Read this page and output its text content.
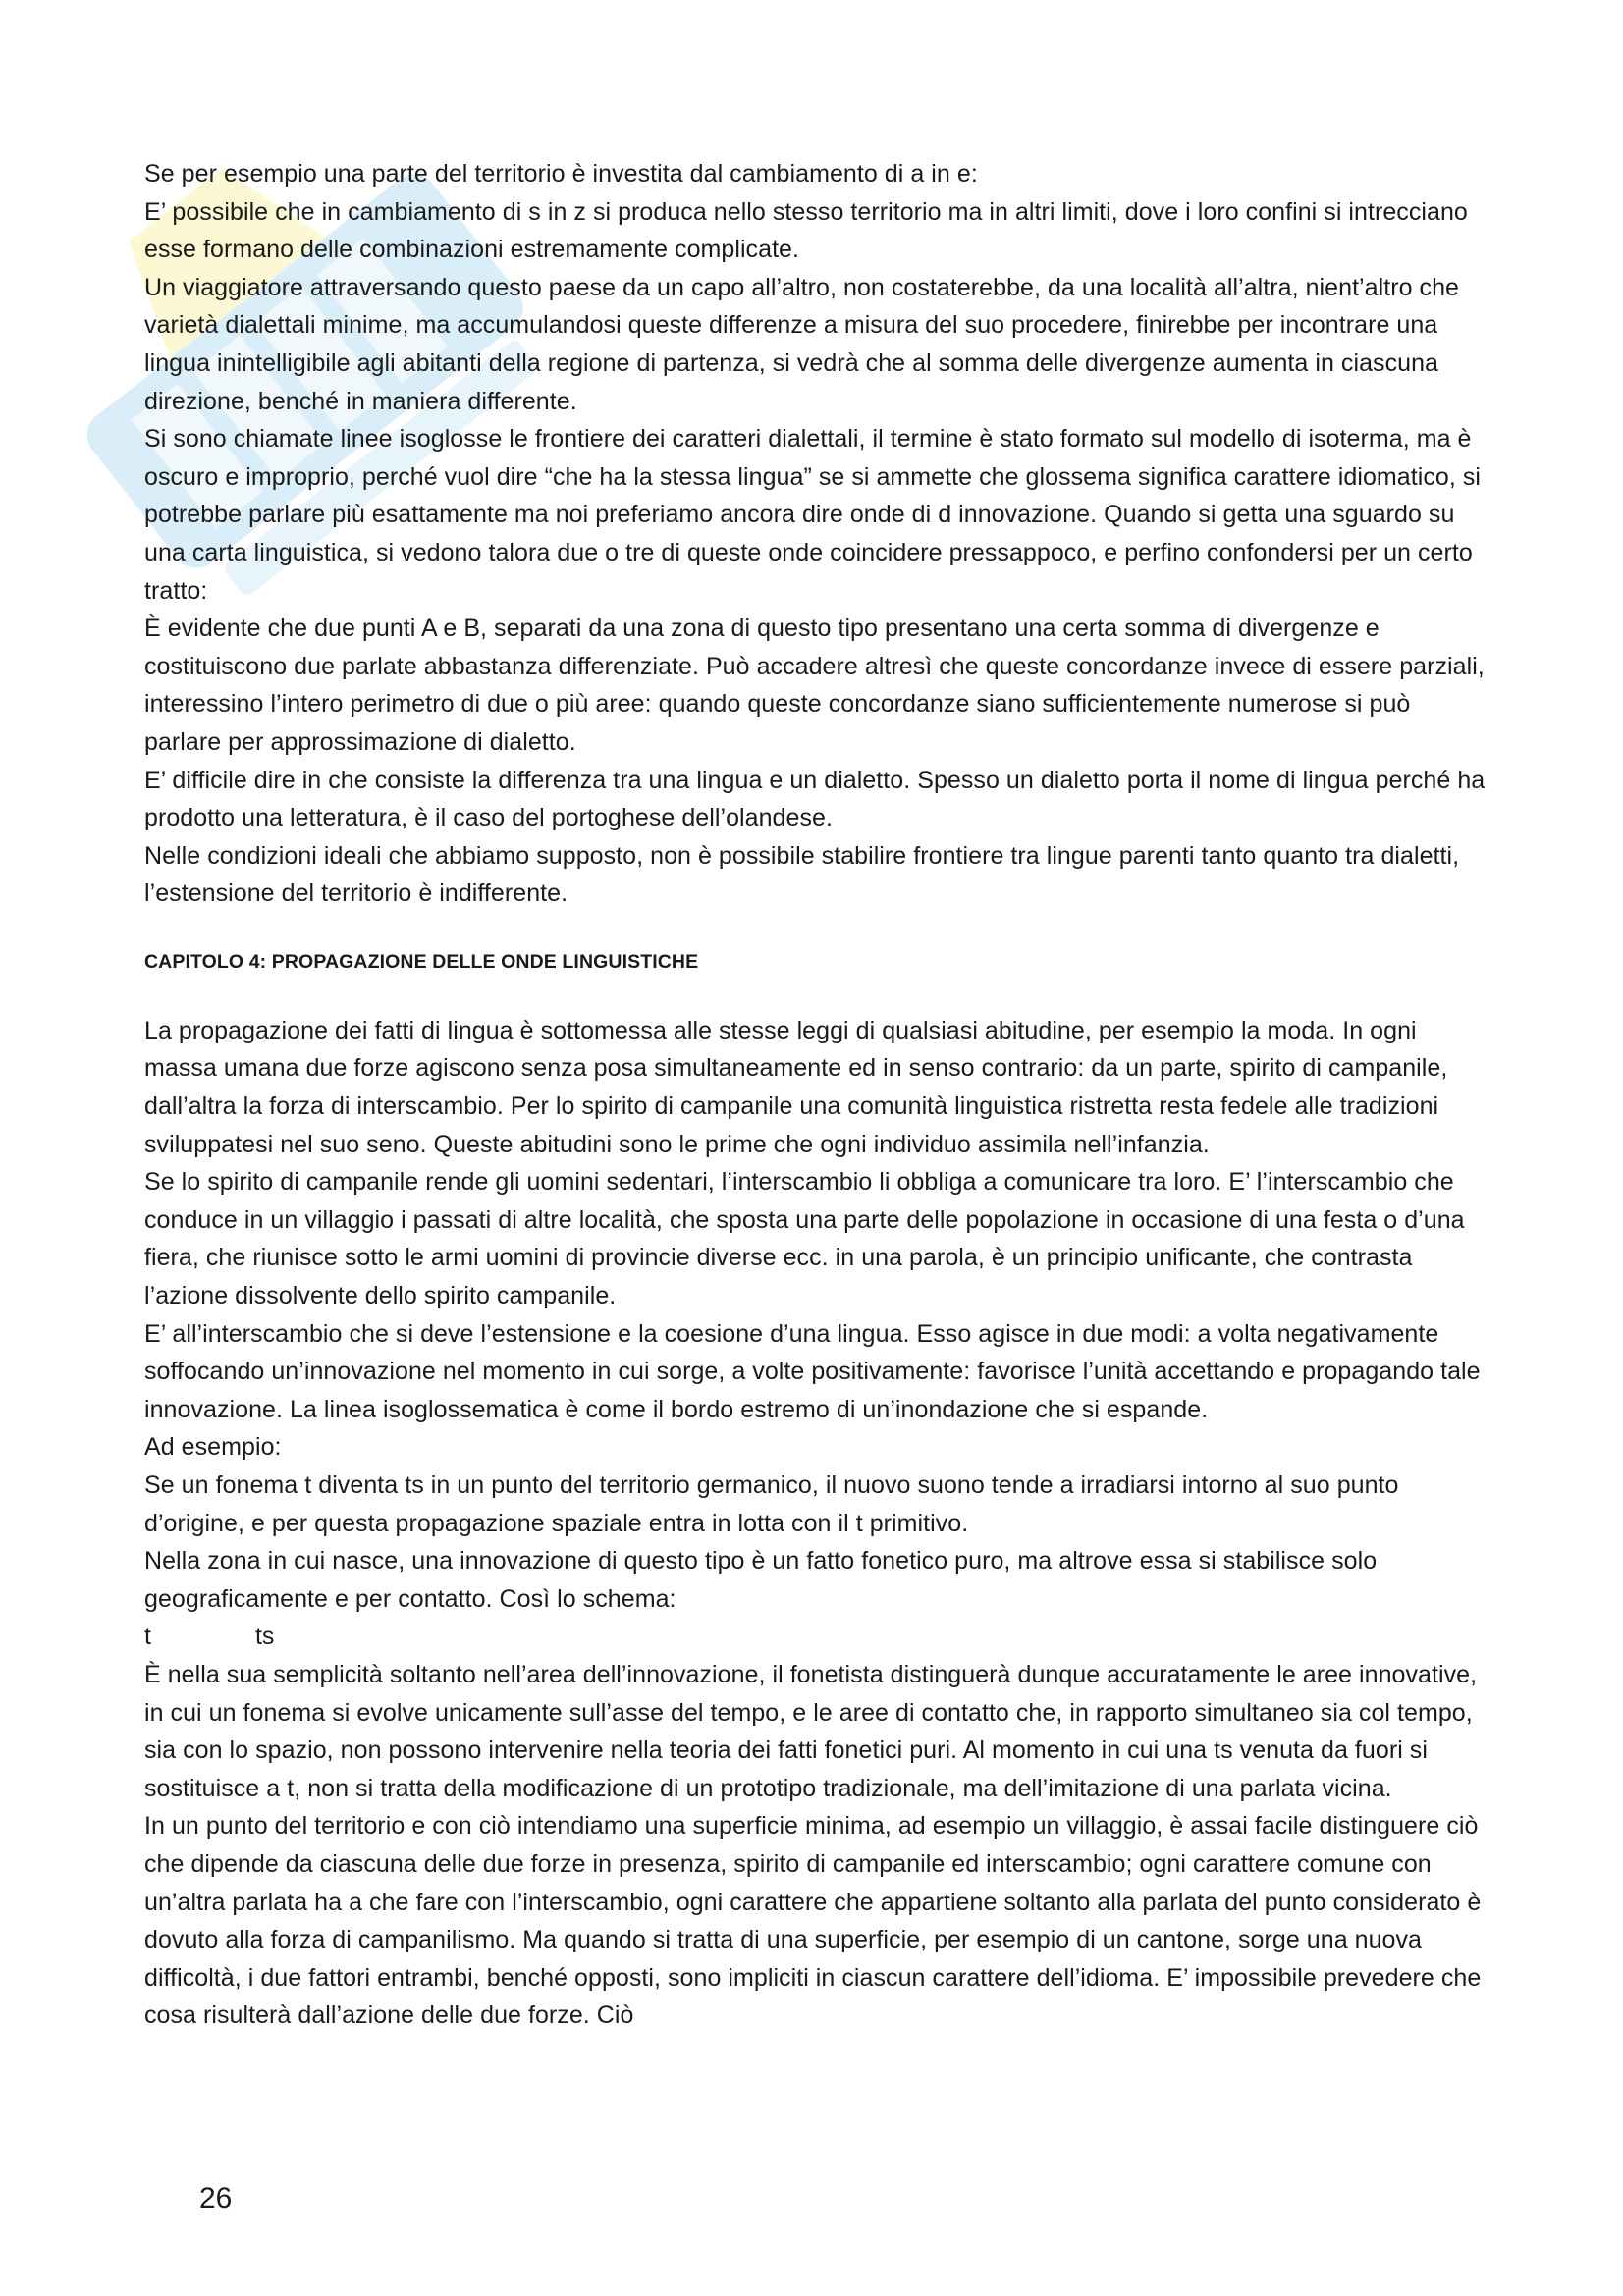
Se per esempio una parte del territorio è investita dal cambiamento di a in e:

E’ possibile che in cambiamento di s in z si produca nello stesso territorio ma in altri limiti, dove i loro confini si intrecciano esse formano delle combinazioni estremamente complicate.

Un viaggiatore attraversando questo paese da un capo all’altro, non costaterebbe, da una località all’altra, nient’altro che varietà dialettali minime, ma accumulandosi queste differenze a misura del suo procedere, finirebbe per incontrare una lingua inintelligibile agli abitanti della regione di partenza, si vedrà che al somma delle divergenze aumenta in ciascuna direzione, benché in maniera differente.

Si sono chiamate linee isoglosse le frontiere dei caratteri dialettali, il termine è stato formato sul modello di isoterma, ma è oscuro e improprio, perché vuol dire “che ha la stessa lingua” se si ammette che glossema significa carattere idiomatico, si potrebbe parlare più esattamente ma noi preferiamo ancora dire onde di d innovazione. Quando si getta una sguardo su una carta linguistica, si vedono talora due o tre di queste onde coincidere pressappoco, e perfino confondersi per un certo tratto:

È evidente che due punti A e B, separati da una zona di questo tipo presentano una certa somma di divergenze e costituiscono due parlate abbastanza differenziate. Può accadere altresì che queste concordanze invece di essere parziali, interessino l’intero perimetro di due o più aree: quando queste concordanze siano sufficientemente numerose si può parlare per approssimazione di dialetto.

E’ difficile dire in che consiste la differenza tra una lingua e un dialetto. Spesso un dialetto porta il nome di lingua perché ha prodotto una letteratura, è il caso del portoghese dell’olandese.

Nelle condizioni ideali che abbiamo supposto, non è possibile stabilire frontiere tra lingue parenti tanto quanto tra dialetti, l’estensione del territorio è indifferente.

CAPITOLO 4: PROPAGAZIONE DELLE ONDE LINGUISTICHE

La propagazione dei fatti di lingua è sottomessa alle stesse leggi di qualsiasi abitudine, per esempio la moda. In ogni massa umana due forze agiscono senza posa simultaneamente ed in senso contrario: da un parte, spirito di campanile, dall’altra la forza di interscambio. Per lo spirito di campanile una comunità linguistica ristretta resta fedele alle tradizioni sviluppatesi nel suo seno. Queste abitudini sono le prime che ogni individuo assimila nell’infanzia.

Se lo spirito di campanile rende gli uomini sedentari, l’interscambio li obbliga a comunicare tra loro. E’ l’interscambio che conduce in un villaggio i passati di altre località, che sposta una parte delle popolazione in occasione di una festa o d’una fiera, che riunisce sotto le armi uomini di provincie diverse ecc. in una parola, è un principio unificante, che contrasta l’azione dissolvente dello spirito campanile.

E’ all’interscambio che si deve l’estensione e la coesione d’una lingua. Esso agisce in due modi: a volta negativamente soffocando un’innovazione nel momento in cui sorge, a volte positivamente: favorisce l’unità accettando e propagando tale innovazione. La linea isoglossematica è come il bordo estremo di un’inondazione che si espande.

Ad esempio:

Se un fonema t diventa ts in un punto del territorio germanico, il nuovo suono tende a irradiarsi intorno al suo punto d’origine, e per questa propagazione spaziale entra in lotta con il t primitivo.

Nella zona in cui nasce, una innovazione di questo tipo è un fatto fonetico puro, ma altrove essa si stabilisce solo geograficamente e per contatto. Così lo schema:

t	ts

È nella sua semplicità soltanto nell’area dell’innovazione, il fonetista distinguerà dunque accuratamente le aree innovative, in cui un fonema si evolve unicamente sull’asse del tempo, e le aree di contatto che, in rapporto simultaneo sia col tempo, sia con lo spazio, non possono intervenire nella teoria dei fatti fonetici puri. Al momento in cui una ts venuta da fuori si sostituisce a t, non si tratta della modificazione di un prototipo tradizionale, ma dell’imitazione di una parlata vicina.

In un punto del territorio e con ciò intendiamo una superficie minima, ad esempio un villaggio, è assai facile distinguere ciò che dipende da ciascuna delle due forze in presenza, spirito di campanile ed interscambio; ogni carattere comune con un’altra parlata ha a che fare con l’interscambio, ogni carattere che appartiene soltanto alla parlata del punto considerato è dovuto alla forza di campanilismo. Ma quando si tratta di una superficie, per esempio di un cantone, sorge una nuova difficoltà, i due fattori entrambi, benché opposti, sono impliciti in ciascun carattere dell’idioma. E’ impossibile prevedere che cosa risulterà dall’azione delle due forze. Ciò

26
